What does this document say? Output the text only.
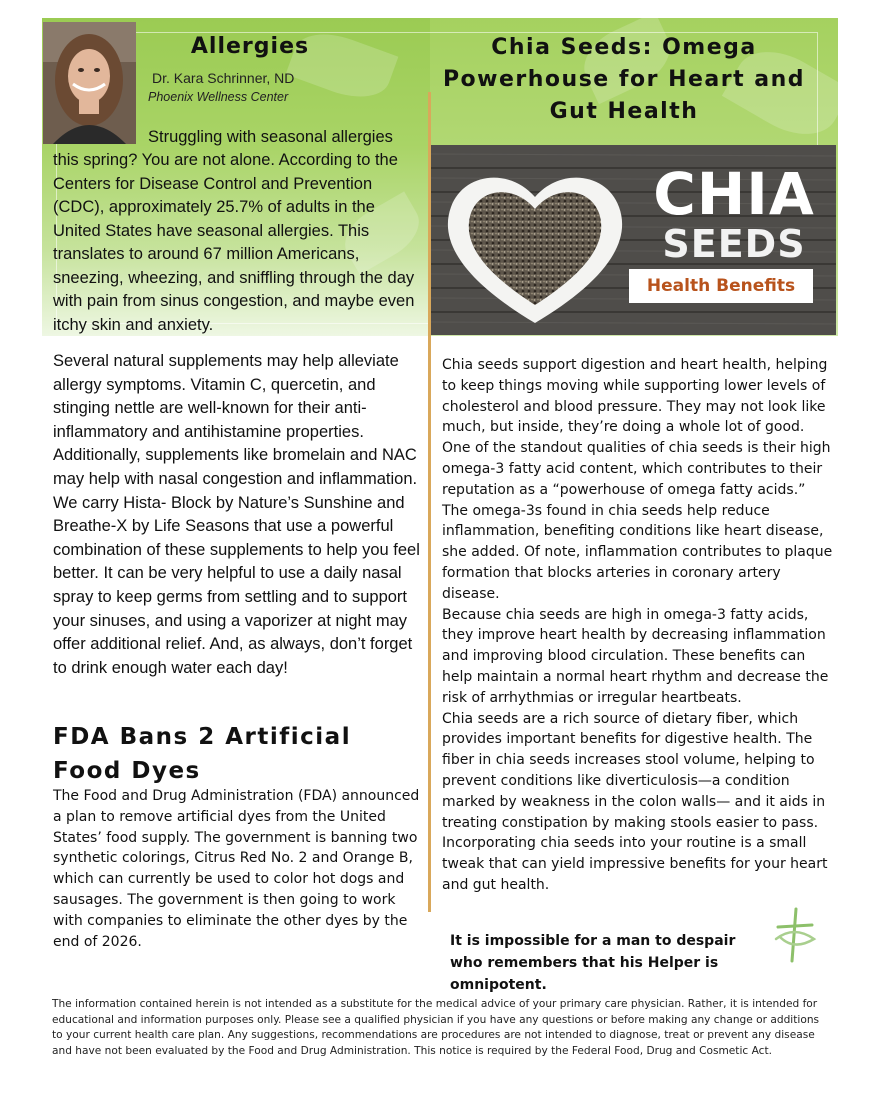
Allergies
Dr. Kara Schrinner, ND
Phoenix Wellness Center
Struggling with seasonal allergies

this spring? You are not alone. According to the Centers for Disease Control and Prevention (CDC), approximately 25.7% of adults in the United States have seasonal allergies. This translates to around 67 million Americans, sneezing, wheezing, and sniffling through the day with pain from sinus congestion, and maybe even itchy skin and anxiety.

Several natural supplements may help alleviate allergy symptoms. Vitamin C, quercetin, and stinging nettle are well-known for their anti-inflammatory and antihistamine properties. Additionally, supplements like bromelain and NAC may help with nasal congestion and inflammation. We carry Hista- Block by Nature’s Sunshine and Breathe-X by Life Seasons that use a powerful combination of these supplements to help you feel better. It can be very helpful to use a daily nasal spray to keep germs from settling and to support your sinuses, and using a vaporizer at night may offer additional relief. And, as always, don’t forget to drink enough water each day!

FDA Bans 2 Artificial Food Dyes

The Food and Drug Administration (FDA) announced a plan to remove artificial dyes from the United States’ food supply. The government is banning two synthetic colorings, Citrus Red No. 2 and Orange B, which can currently be used to color hot dogs and sausages. The government is then going to work with companies to eliminate the other dyes by the end of 2026.

Chia Seeds: Omega Powerhouse for Heart and Gut Health
CHIA
SEEDS
Health Benefits

Chia seeds support digestion and heart health, helping to keep things moving while supporting lower levels of cholesterol and blood pressure. They may not look like much, but inside, they’re doing a whole lot of good. One of the standout qualities of chia seeds is their high omega-3 fatty acid content, which contributes to their reputation as a “powerhouse of omega fatty acids.” The omega-3s found in chia seeds help reduce inflammation, benefiting conditions like heart disease, she added. Of note, inflammation contributes to plaque formation that blocks arteries in coronary artery disease.

Because chia seeds are high in omega-3 fatty acids, they improve heart health by decreasing inflammation and improving blood circulation. These benefits can help maintain a normal heart rhythm and decrease the risk of arrhythmias or irregular heartbeats.

Chia seeds are a rich source of dietary fiber, which provides important benefits for digestive health. The fiber in chia seeds increases stool volume, helping to prevent conditions like diverticulosis—a condition marked by weakness in the colon walls— and it aids in treating constipation by making stools easier to pass. Incorporating chia seeds into your routine is a small tweak that can yield impressive benefits for your heart and gut health.

It is impossible for a man to despair who remembers that his Helper is omnipotent.

The information contained herein is not intended as a substitute for the medical advice of your primary care physician. Rather, it is intended for educational and information purposes only. Please see a qualified physician if you have any questions or before making any change or additions to your current health care plan. Any suggestions, recommendations are procedures are not intended to diagnose, treat or prevent any disease and have not been evaluated by the Food and Drug Administration. This notice is required by the Federal Food, Drug and Cosmetic Act.
